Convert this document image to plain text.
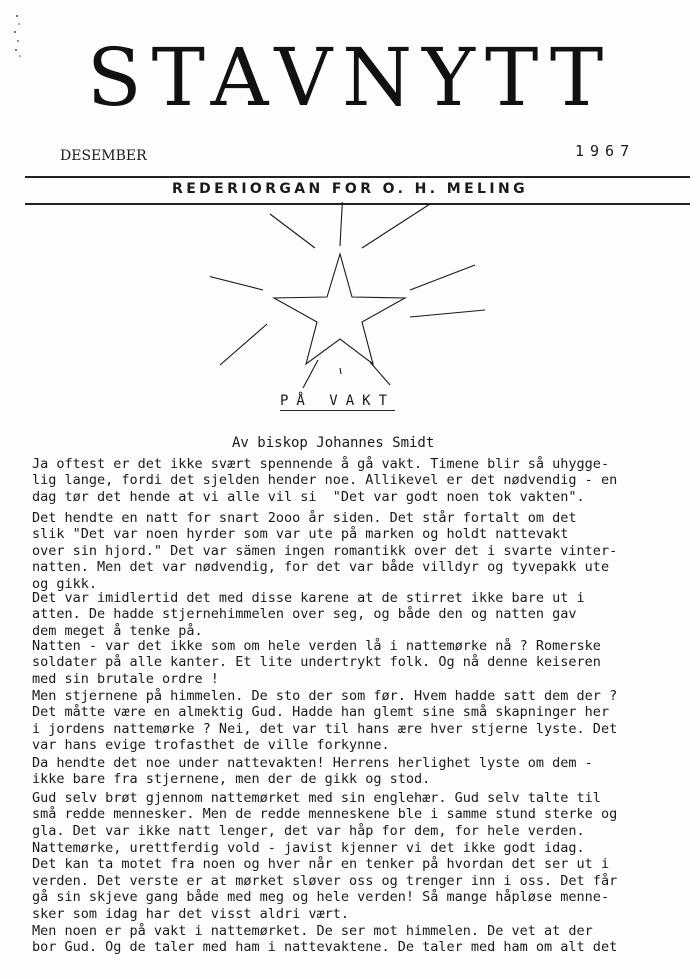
STAVNYTT
DESEMBER	1967
REDERIORGAN FOR O. H. MELING
PÅ VAKT
Av biskop Johannes Smidt
Ja oftest er det ikke svært spennende å gå vakt. Timene blir så uhygge-
lig lange, fordi det sjelden hender noe. Allikevel er det nødvendig - en
dag tør det hende at vi alle vil si  "Det var godt noen tok vakten".
Det hendte en natt for snart 2ooo år siden. Det står fortalt om det
slik "Det var noen hyrder som var ute på marken og holdt nattevakt
over sin hjord." Det var sämen ingen romantikk over det i svarte vinter-
natten. Men det var nødvendig, for det var både villdyr og tyvepakk ute
og gikk.
Det var imidlertid det med disse karene at de stirret ikke bare ut i
atten. De hadde stjernehimmelen over seg, og både den og natten gav
dem meget å tenke på.
Natten - var det ikke som om hele verden lå i nattemørke nå ? Romerske
soldater på alle kanter. Et lite undertrykt folk. Og nå denne keiseren
med sin brutale ordre !
Men stjernene på himmelen. De sto der som før. Hvem hadde satt dem der ?
Det måtte være en almektig Gud. Hadde han glemt sine små skapninger her
i jordens nattemørke ? Nei, det var til hans ære hver stjerne lyste. Det
var hans evige trofasthet de ville forkynne.
Da hendte det noe under nattevakten! Herrens herlighet lyste om dem -
ikke bare fra stjernene, men der de gikk og stod.
Gud selv brøt gjennom nattemørket med sin englehær. Gud selv talte til
små redde mennesker. Men de redde menneskene ble i samme stund sterke og
gla. Det var ikke natt lenger, det var håp for dem, for hele verden.
Nattemørke, urettferdig vold - javist kjenner vi det ikke godt idag.
Det kan ta motet fra noen og hver når en tenker på hvordan det ser ut i
verden. Det verste er at mørket sløver oss og trenger inn i oss. Det får
gå sin skjeve gang både med meg og hele verden! Så mange håpløse menne-
sker som idag har det visst aldri vært.
Men noen er på vakt i nattemørket. De ser mot himmelen. De vet at der
bor Gud. Og de taler med ham i nattevaktene. De taler med ham om alt det
